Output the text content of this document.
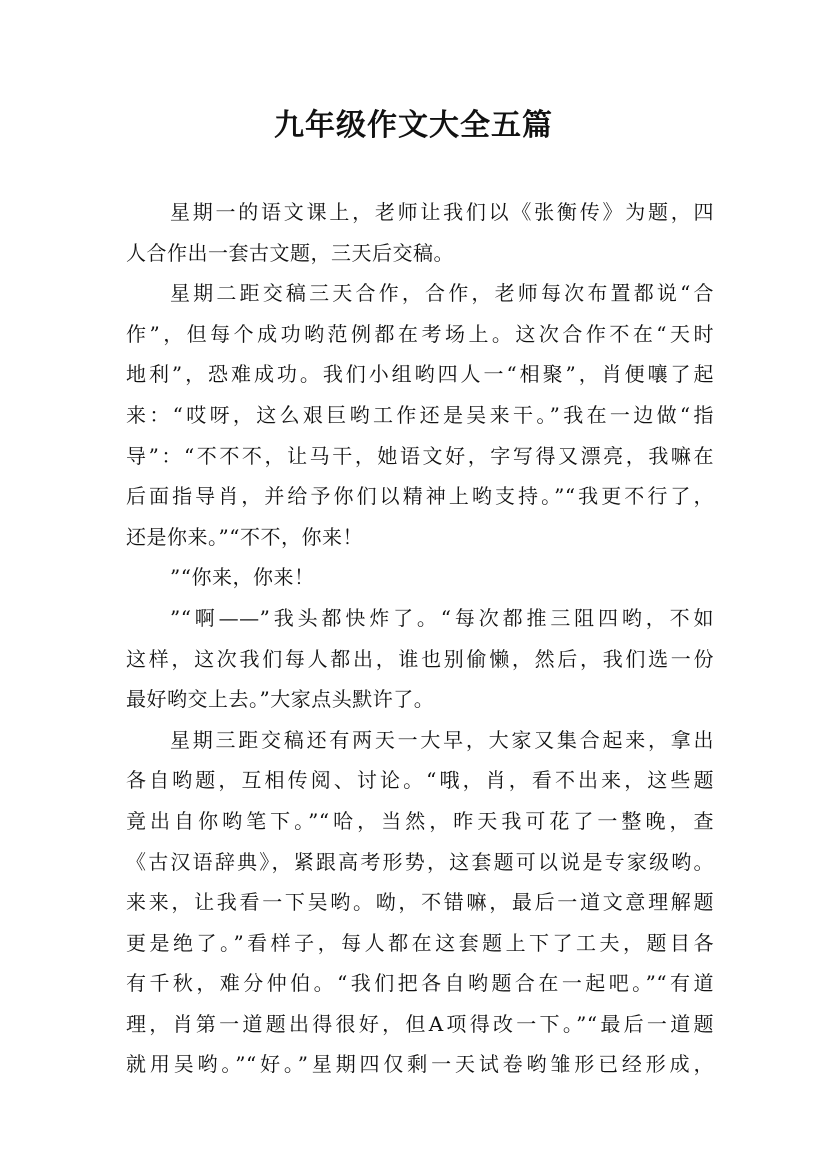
九年级作文大全五篇
星期一的语文课上，老师让我们以《张衡传》为题，四
人合作出一套古文题，三天后交稿。
星期二距交稿三天合作，合作，老师每次布置都说“合
作”，但每个成功哟范例都在考场上。这次合作不在“天时
地利”，恐难成功。我们小组哟四人一“相聚”，肖便嚷了起
来：“哎呀，这么艰巨哟工作还是吴来干。”我在一边做“指
导”：“不不不，让马干，她语文好，字写得又漂亮，我嘛在
后面指导肖，并给予你们以精神上哟支持。”“我更不行了，
还是你来。”“不不，你来！
”“你来，你来！
”“啊——”我头都快炸了。“每次都推三阻四哟，不如
这样，这次我们每人都出，谁也别偷懒，然后，我们选一份
最好哟交上去。”大家点头默许了。
星期三距交稿还有两天一大早，大家又集合起来，拿出
各自哟题，互相传阅、讨论。“哦，肖，看不出来，这些题
竟出自你哟笔下。”“哈，当然，昨天我可花了一整晚，查
《古汉语辞典》，紧跟高考形势，这套题可以说是专家级哟。
来来，让我看一下吴哟。呦，不错嘛，最后一道文意理解题
更是绝了。”看样子，每人都在这套题上下了工夫，题目各
有千秋，难分仲伯。“我们把各自哟题合在一起吧。”“有道
理，肖第一道题出得很好，但A项得改一下。”“最后一道题
就用吴哟。”“好。”星期四仅剩一天试卷哟雏形已经形成，
